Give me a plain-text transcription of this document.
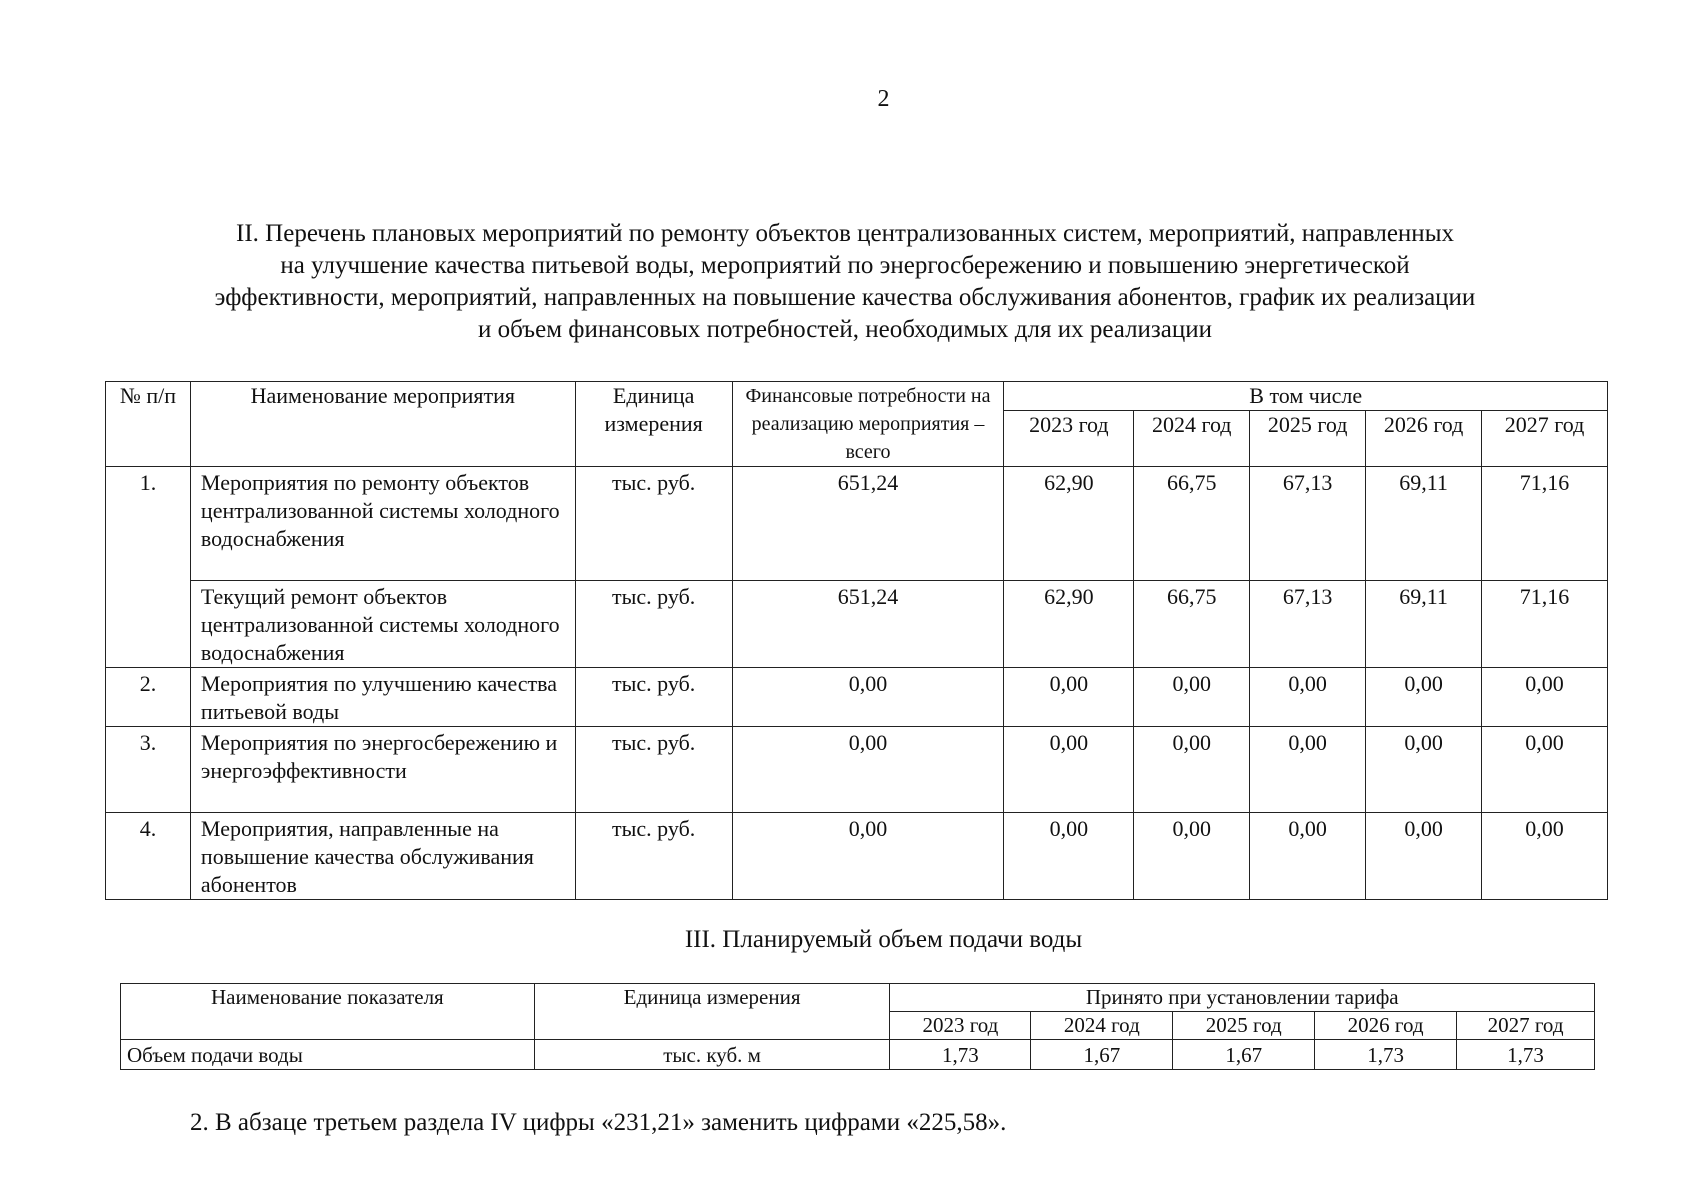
2
II. Перечень плановых мероприятий по ремонту объектов централизованных систем, мероприятий, направленных
на улучшение качества питьевой воды, мероприятий по энергосбережению и повышению энергетической
эффективности, мероприятий, направленных на повышение качества обслуживания абонентов, график их реализации
и объем финансовых потребностей, необходимых для их реализации
№ п/п	Наименование мероприятия	Единица измерения	Финансовые потребности на реализацию мероприятия – всего	В том числе				
				2023 год	2024 год	2025 год	2026 год	2027 год
1.	Мероприятия по ремонту объектов централизованной системы холодного водоснабжения	тыс. руб.	651,24	62,90	66,75	67,13	69,11	71,16
	Текущий ремонт объектов централизованной системы холодного водоснабжения	тыс. руб.	651,24	62,90	66,75	67,13	69,11	71,16
2.	Мероприятия по улучшению качества питьевой воды	тыс. руб.	0,00	0,00	0,00	0,00	0,00	0,00
3.	Мероприятия по энергосбережению и энергоэффективности	тыс. руб.	0,00	0,00	0,00	0,00	0,00	0,00
4.	Мероприятия, направленные на повышение качества обслуживания абонентов	тыс. руб.	0,00	0,00	0,00	0,00	0,00	0,00
III. Планируемый объем подачи воды
Наименование показателя	Единица измерения	Принято при установлении тарифа				
		2023 год	2024 год	2025 год	2026 год	2027 год
Объем подачи воды	тыс. куб. м	1,73	1,67	1,67	1,73	1,73
2. В абзаце третьем раздела IV цифры «231,21» заменить цифрами «225,58».
